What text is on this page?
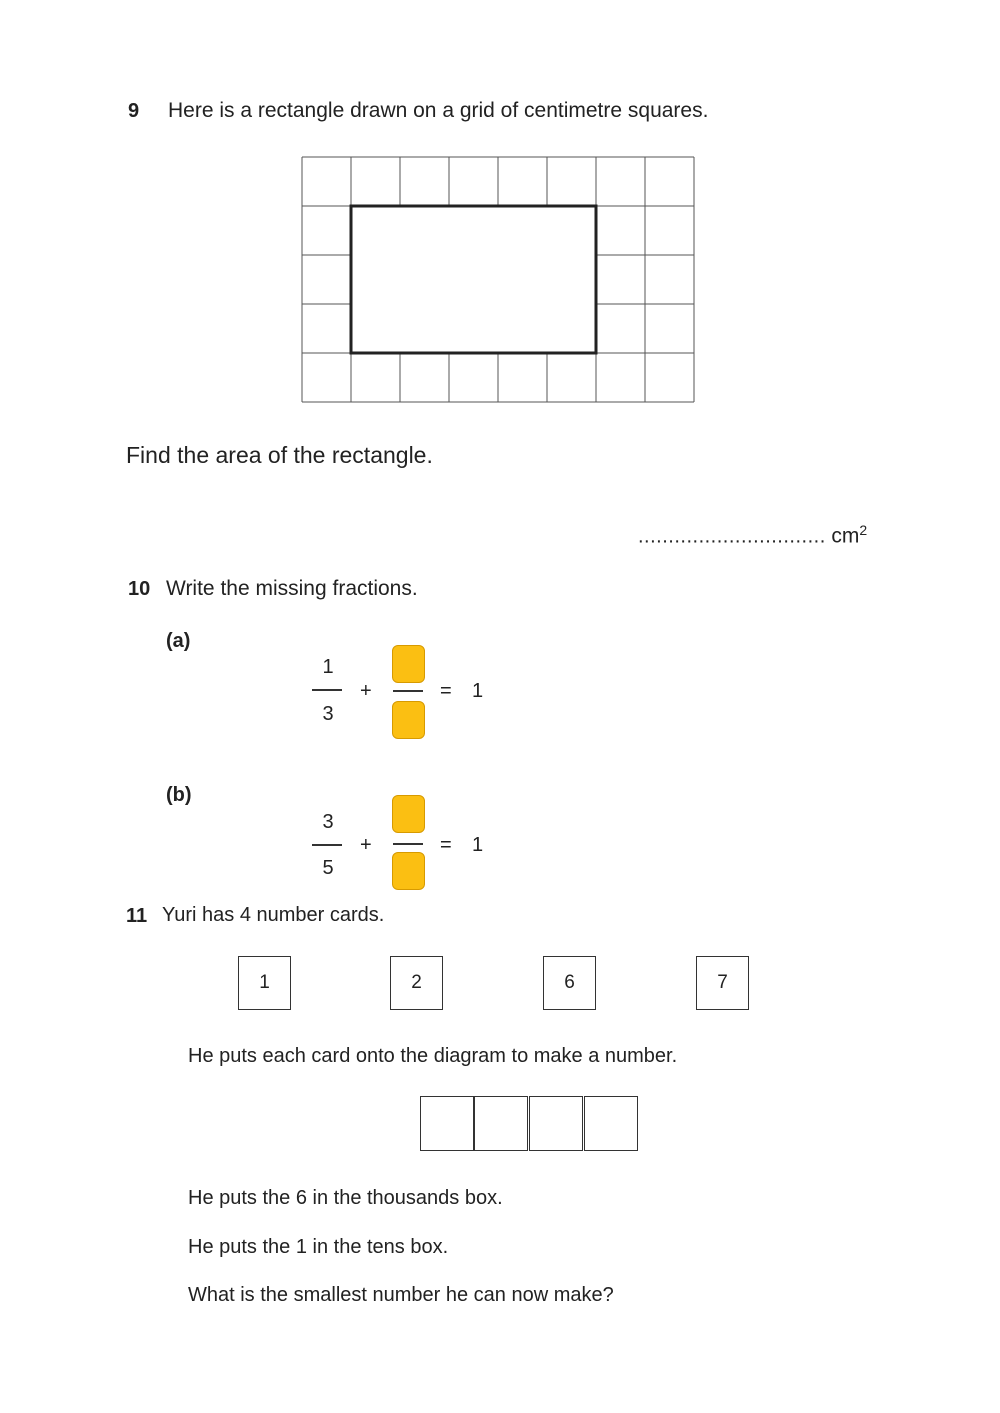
9 Here is a rectangle drawn on a grid of centimetre squares.
Find the area of the rectangle.
............................... $cm^2$
10 Write the missing fractions.
(a)
1
3
+	= 1
(b)
3
5
+	= 1
11 Yuri has 4 number cards.
1	2	6	7
He puts each card onto the diagram to make a number.
He puts the 6 in the thousands box.
He puts the 1 in the tens box.
What is the smallest number he can now make?
